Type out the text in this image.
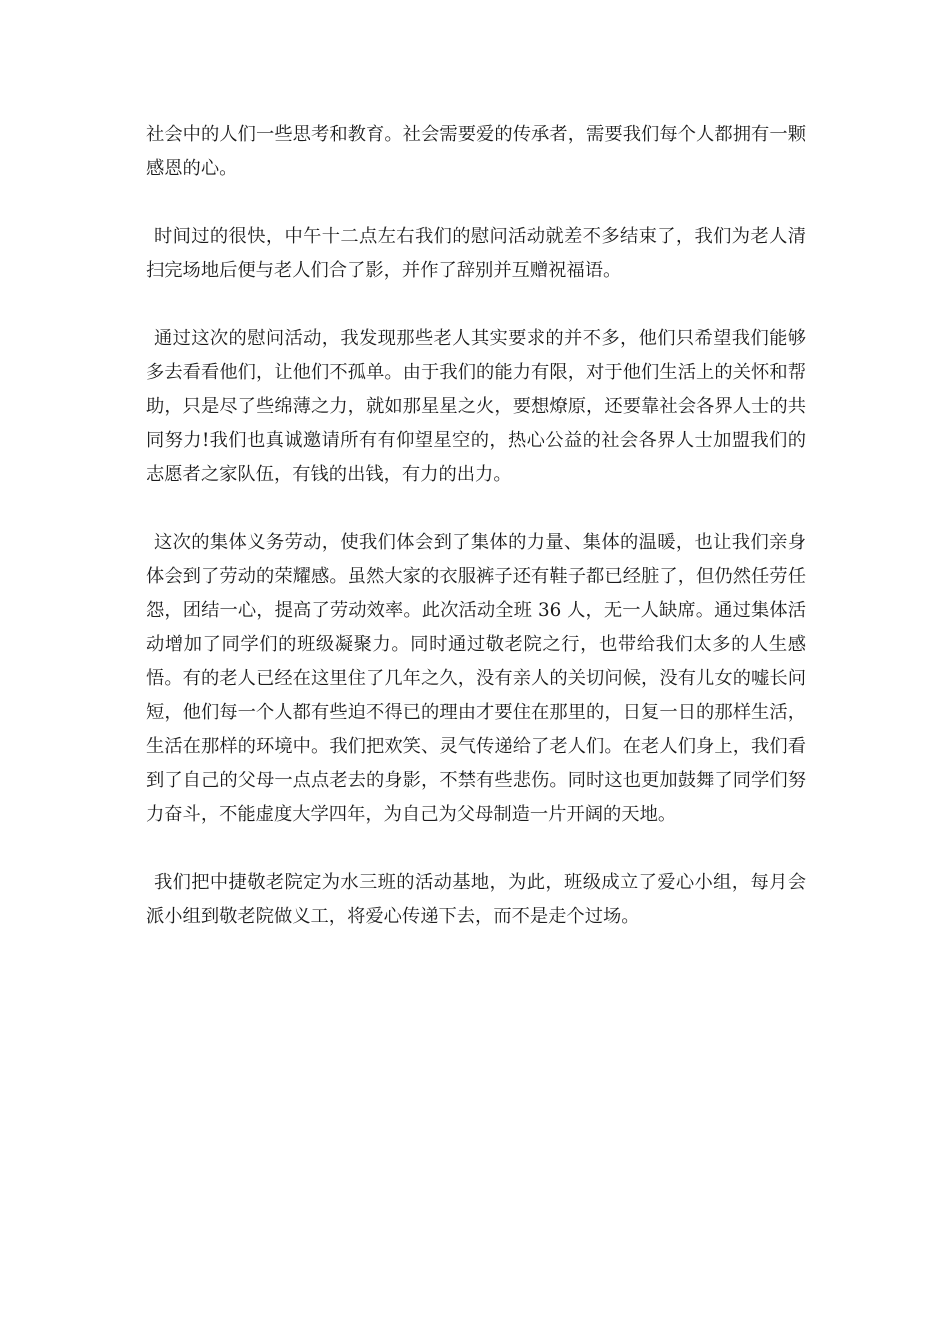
社会中的人们一些思考和教育。社会需要爱的传承者，需要我们每个人都拥有一颗感恩的心。

时间过的很快，中午十二点左右我们的慰问活动就差不多结束了，我们为老人清扫完场地后便与老人们合了影，并作了辞别并互赠祝福语。

通过这次的慰问活动，我发现那些老人其实要求的并不多，他们只希望我们能够多去看看他们，让他们不孤单。由于我们的能力有限，对于他们生活上的关怀和帮助，只是尽了些绵薄之力，就如那星星之火，要想燎原，还要靠社会各界人士的共同努力!我们也真诚邀请所有有仰望星空的，热心公益的社会各界人士加盟我们的志愿者之家队伍，有钱的出钱，有力的出力。

这次的集体义务劳动，使我们体会到了集体的力量、集体的温暖，也让我们亲身体会到了劳动的荣耀感。虽然大家的衣服裤子还有鞋子都已经脏了，但仍然任劳任怨，团结一心，提高了劳动效率。此次活动全班 36 人，无一人缺席。通过集体活动增加了同学们的班级凝聚力。同时通过敬老院之行，也带给我们太多的人生感悟。有的老人已经在这里住了几年之久，没有亲人的关切问候，没有儿女的嘘长问短，他们每一个人都有些迫不得已的理由才要住在那里的，日复一日的那样生活，生活在那样的环境中。我们把欢笑、灵气传递给了老人们。在老人们身上，我们看到了自己的父母一点点老去的身影，不禁有些悲伤。同时这也更加鼓舞了同学们努力奋斗，不能虚度大学四年，为自己为父母制造一片开阔的天地。

我们把中捷敬老院定为水三班的活动基地，为此，班级成立了爱心小组，每月会派小组到敬老院做义工，将爱心传递下去，而不是走个过场。
